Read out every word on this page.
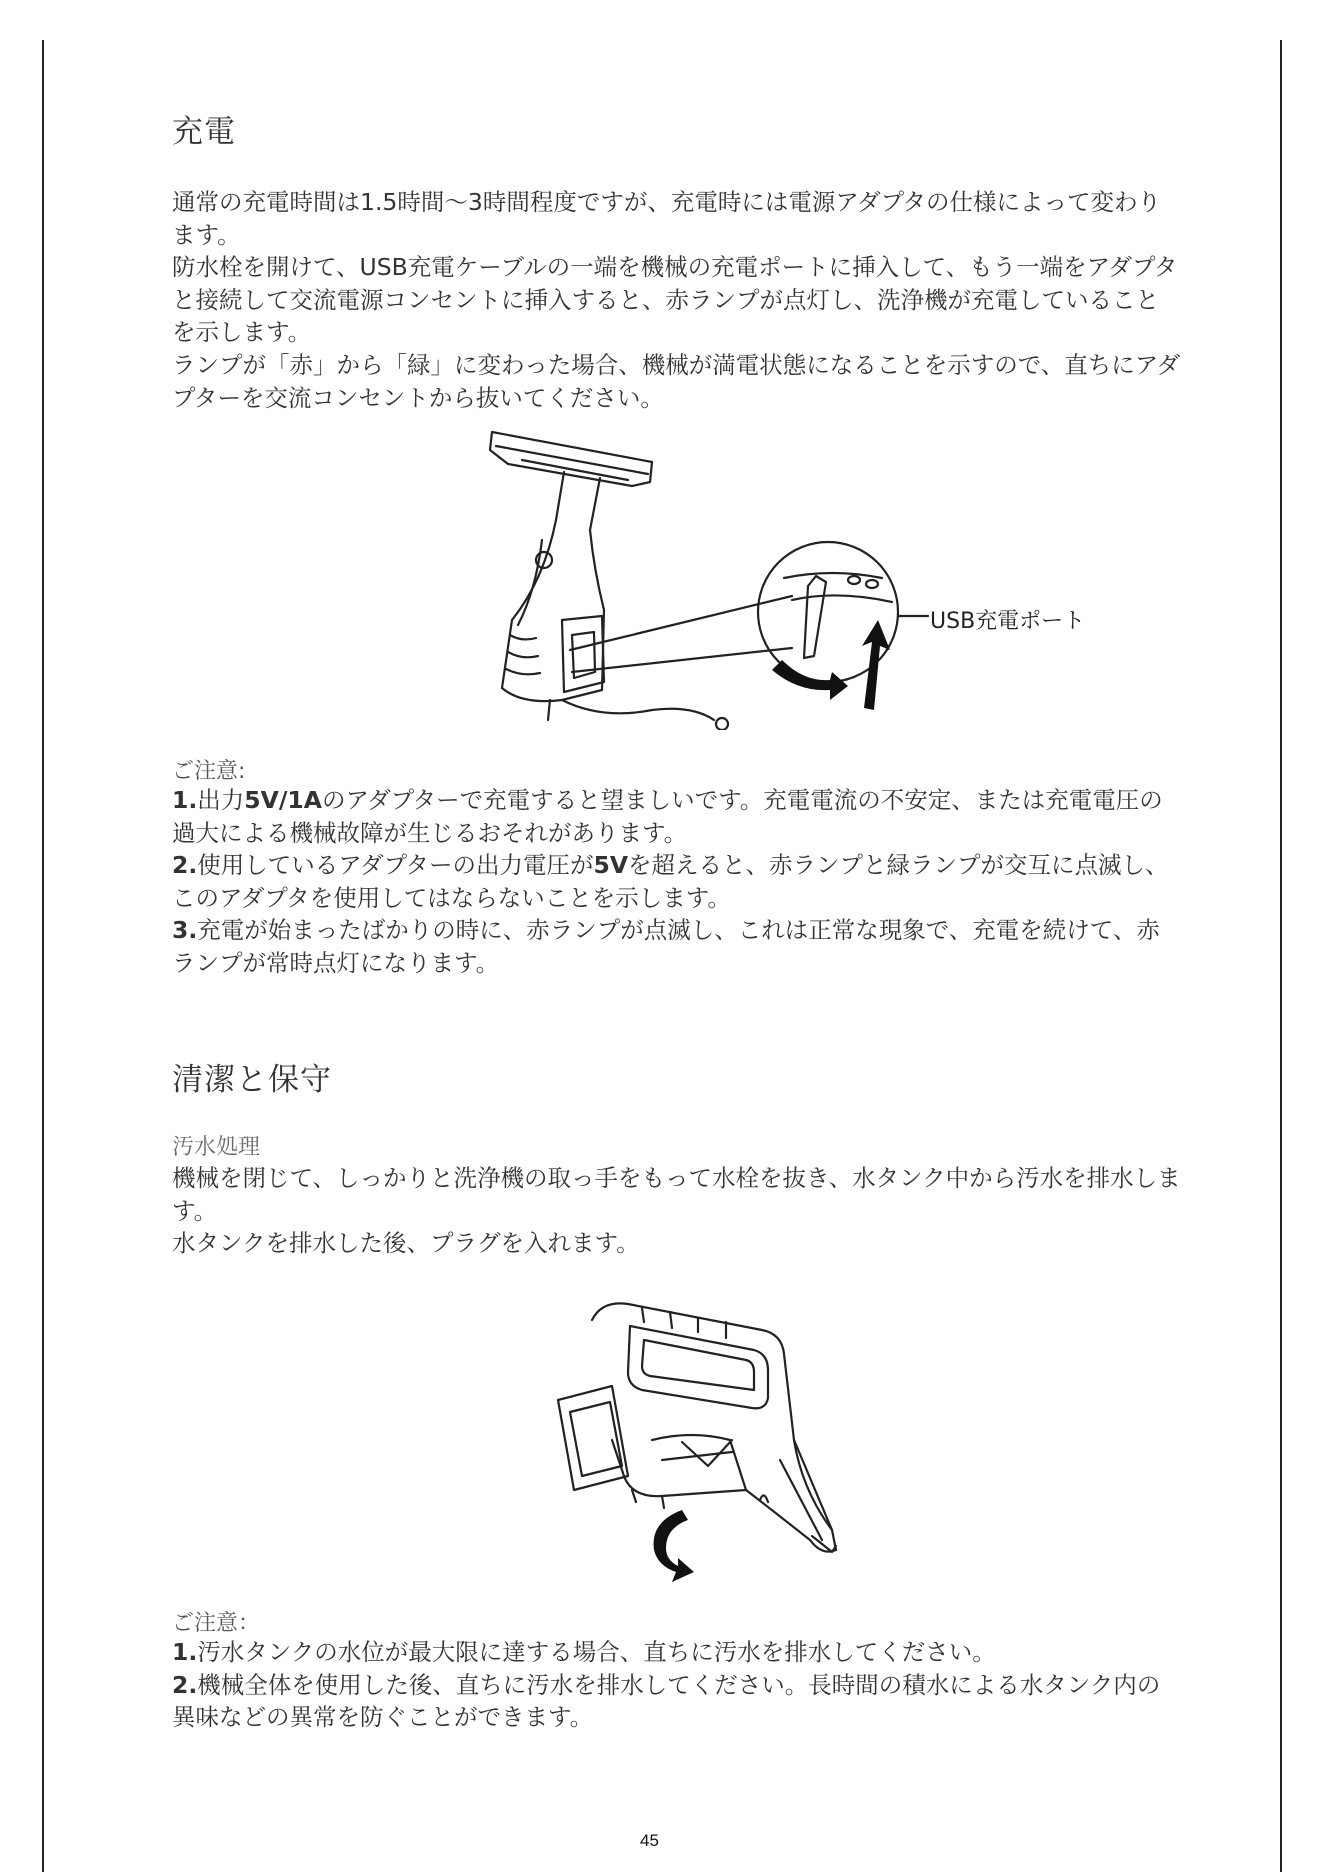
充電

通常の充電時間は1.5時間～3時間程度ですが、充電時には電源アダプタの仕様によって変わります。

防水栓を開けて、USB充電ケーブルの一端を機械の充電ポートに挿入して、もう一端をアダプタと接続して交流電源コンセントに挿入すると、赤ランプが点灯し、洗浄機が充電していることを示します。

ランプが「赤」から「緑」に変わった場合、機械が満電状態になることを示すので、直ちにアダプターを交流コンセントから抜いてください。

USB充電ポート
ご注意:

1.出力5V/1Aのアダプターで充電すると望ましいです。充電電流の不安定、または充電電圧の過大による機械故障が生じるおそれがあります。

2.使用しているアダプターの出力電圧が5Vを超えると、赤ランプと緑ランプが交互に点滅し、このアダプタを使用してはならないことを示します。

3.充電が始まったばかりの時に、赤ランプが点滅し、これは正常な現象で、充電を続けて、赤ランプが常時点灯になります。

清潔と保守
汚水処理

機械を閉じて、しっかりと洗浄機の取っ手をもって水栓を抜き、水タンク中から汚水を排水します。

水タンクを排水した後、プラグを入れます。

ご注意：

1.汚水タンクの水位が最大限に達する場合、直ちに汚水を排水してください。

2.機械全体を使用した後、直ちに汚水を排水してください。長時間の積水による水タンク内の異味などの異常を防ぐことができます。

45
